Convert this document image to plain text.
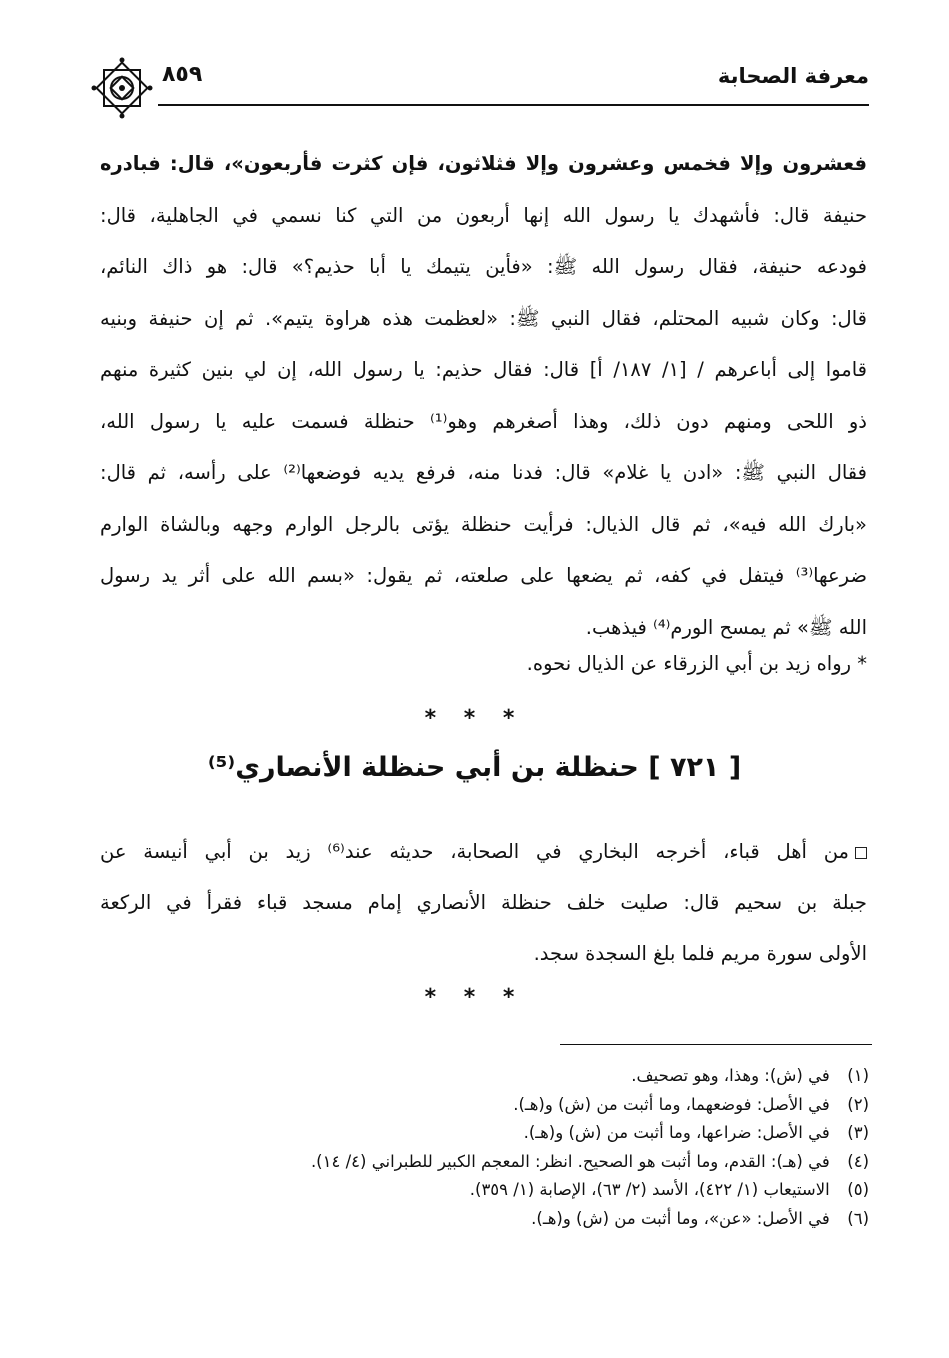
معرفة الصحابة
٨٥٩
فعشرون وإلا فخمس وعشرون وإلا فثلاثون، فإن كثرت فأربعون»، قال: فبادره
حنيفة قال: فأشهدك يا رسول الله إنها أربعون من التي كنا نسمي في الجاهلية، قال:
فودعه حنيفة، فقال رسول الله ﷺ: «فأين يتيمك يا أبا حذيم؟» قال: هو ذاك النائم،
قال: وكان شبيه المحتلم، فقال النبي ﷺ: «لعظمت هذه هراوة يتيم». ثم إن حنيفة وبنيه
قاموا إلى أباعرهم / [١/ ١٨٧/ أ] قال: فقال حذيم: يا رسول الله، إن لي بنين كثيرة منهم
ذو اللحى ومنهم دون ذلك، وهذا أصغرهم وهو⁽¹⁾ حنظلة فسمت عليه يا رسول الله،
فقال النبي ﷺ: «ادن يا غلام» قال: فدنا منه، فرفع يديه فوضعها⁽²⁾ على رأسه، ثم قال:
«بارك الله فيه»، ثم قال الذيال: فرأيت حنظلة يؤتى بالرجل الوارم وجهه وبالشاة الوارم
ضرعها⁽³⁾ فيتفل في كفه، ثم يضعها على صلعته، ثم يقول: «بسم الله على أثر يد رسول
الله ﷺ» ثم يمسح الورم⁽⁴⁾ فيذهب.
* رواه زيد بن أبي الزرقاء عن الذيال نحوه.
* * *
[ ٧٢١ ] حنظلة بن أبي حنظلة الأنصاري⁽⁵⁾
من أهل قباء، أخرجه البخاري في الصحابة، حديثه عند⁽⁶⁾ زيد بن أبي أنيسة عن
جبلة بن سحيم قال: صليت خلف حنظلة الأنصاري إمام مسجد قباء فقرأ في الركعة
الأولى سورة مريم فلما بلغ السجدة سجد.
* * *
(١) في (ش): وهذا، وهو تصحيف.
(٢) في الأصل: فوضعهما، وما أثبت من (ش) و(هـ).
(٣) في الأصل: ضراعها، وما أثبت من (ش) و(هـ).
(٤) في (هـ): القدم، وما أثبت هو الصحيح. انظر: المعجم الكبير للطبراني (٤/ ١٤).
(٥) الاستيعاب (١/ ٤٢٢)، الأسد (٢/ ٦٣)، الإصابة (١/ ٣٥٩).
(٦) في الأصل: «عن»، وما أثبت من (ش) و(هـ).
